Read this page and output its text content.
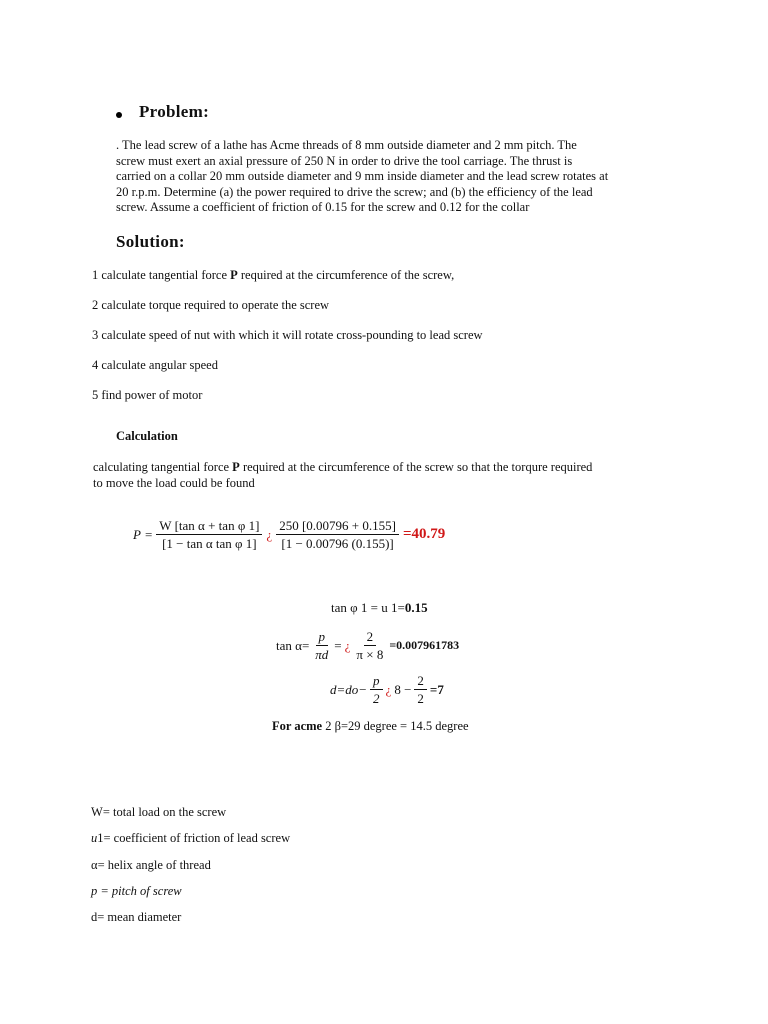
Problem:
. The lead screw of a lathe has Acme threads of 8 mm outside diameter and 2 mm pitch. The
screw must exert an axial pressure of 250 N in order to drive the tool carriage. The thrust is
carried on a collar 20 mm outside diameter and 9 mm inside diameter and the lead screw rotates at
20 r.p.m. Determine (a) the power required to drive the screw; and (b) the efficiency of the lead
screw. Assume a coefficient of friction of 0.15 for the screw and 0.12 for the collar
Solution:
1 calculate tangential force P required at the circumference of the screw,
2 calculate torque required to operate the screw
3 calculate speed of nut with which it will rotate cross-pounding to lead screw
4 calculate angular speed
5 find power of motor
Calculation
calculating tangential force P required at the circumference of the screw so that the torqure required
to move the load could be found
$P = \frac{\text{W [tan α + tan φ 1]}}{\text{[1 − tan α tan φ 1]}}$ ¿ $\frac{250 [0.00796 + 0.155]}{[1 - 0.00796 (0.155)]} =40.79$
tan φ 1 = u 1=0.15
$\tan \alpha= \frac{p}{\pi d}$ = ¿ $\frac{2}{\pi \times 8} =0.007961783$
$d=do- \frac{p}{2}$ ¿ $8 - \frac{2}{2} =7$
For acme 2 β=29 degree = 14.5 degree
W= total load on the screw
u1= coefficient of friction of lead screw
α= helix angle of thread
p = pitch of screw
d= mean diameter
